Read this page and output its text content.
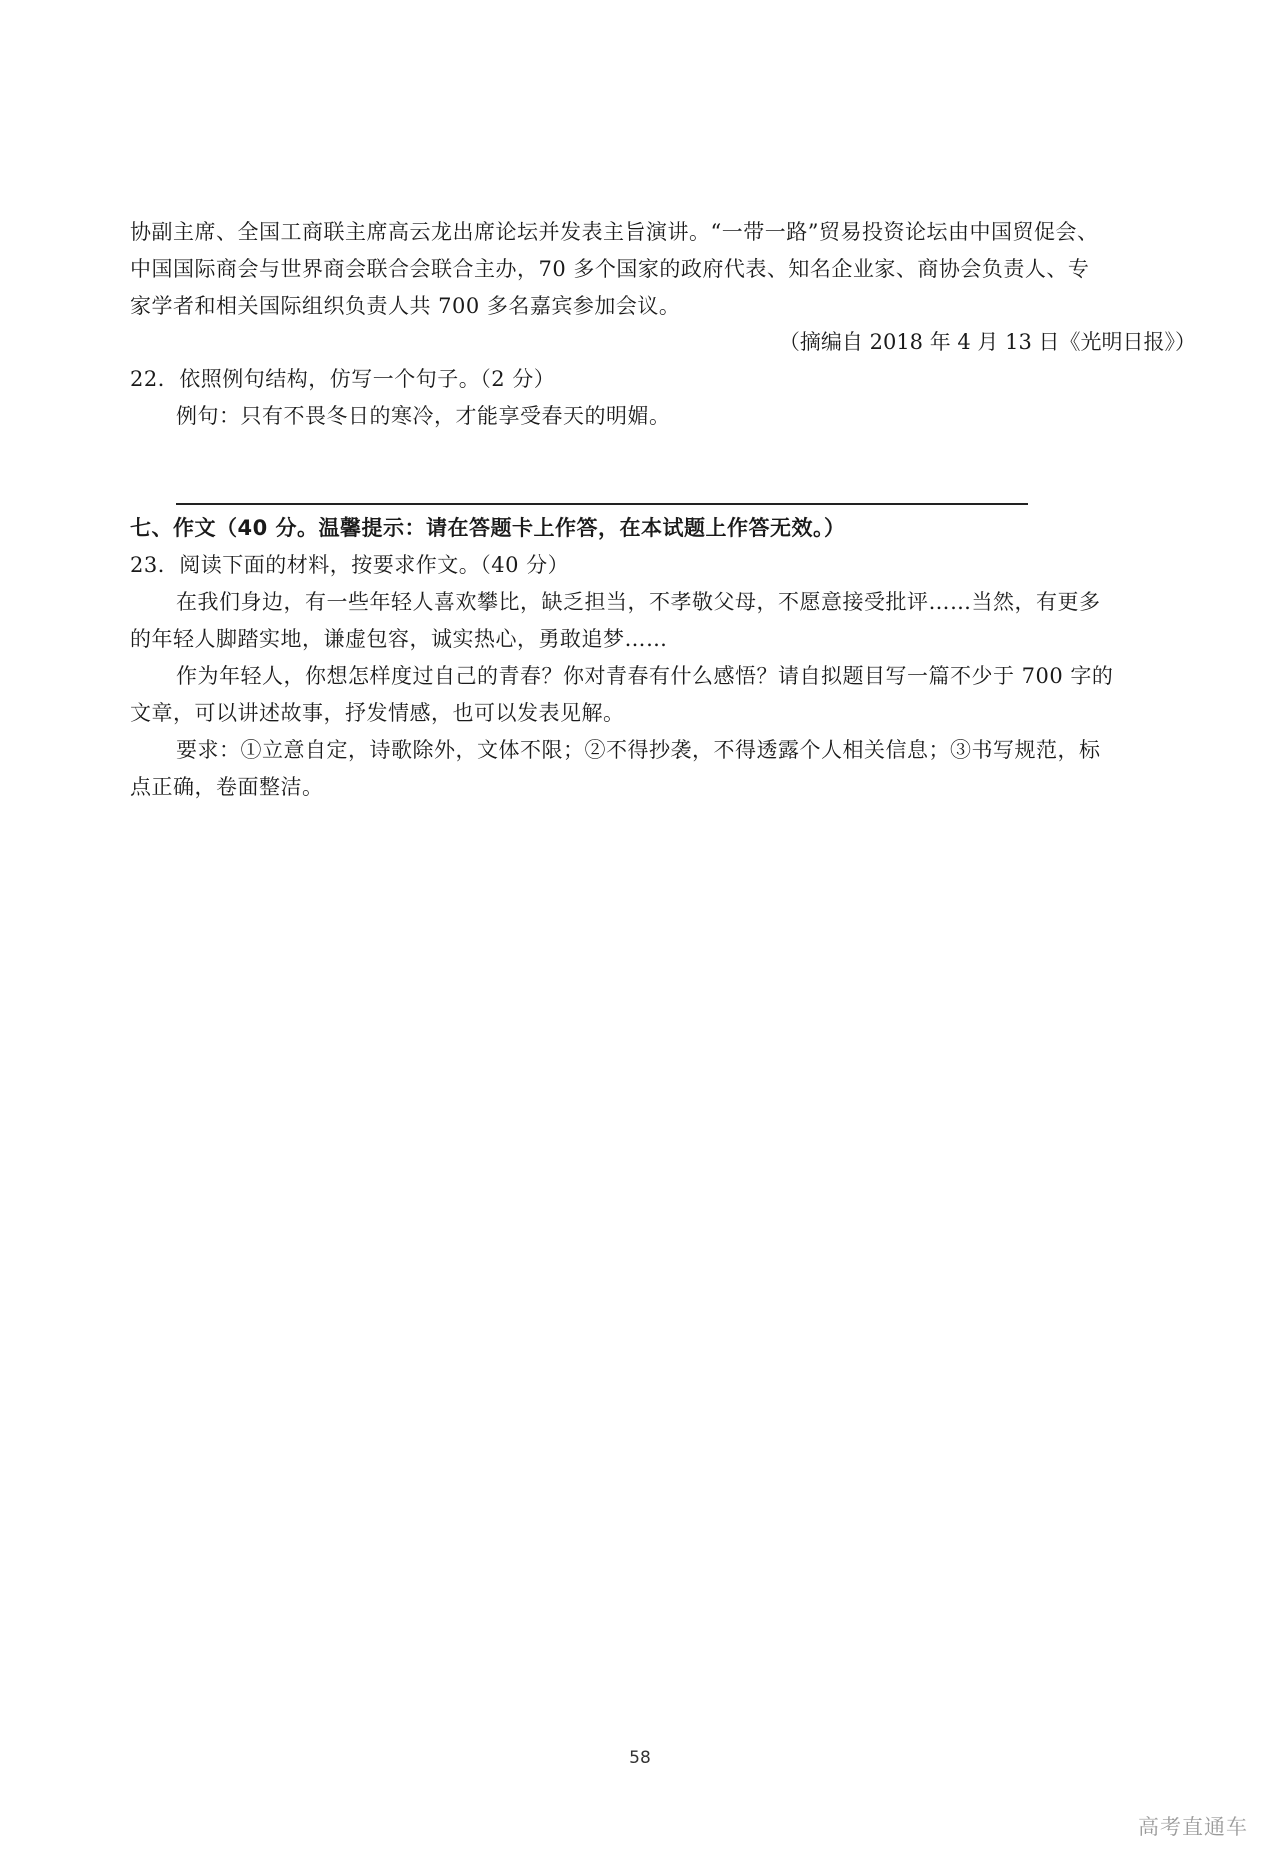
协副主席、全国工商联主席高云龙出席论坛并发表主旨演讲。“一带一路”贸易投资论坛由中国贸促会、
中国国际商会与世界商会联合会联合主办，70 多个国家的政府代表、知名企业家、商协会负责人、专
家学者和相关国际组织负责人共 700 多名嘉宾参加会议。
（摘编自 2018 年 4 月 13 日《光明日报》）
22．依照例句结构，仿写一个句子。（2 分）
例句：只有不畏冬日的寒冷，才能享受春天的明媚。
七、作文（40 分。温馨提示：请在答题卡上作答，在本试题上作答无效。）
23．阅读下面的材料，按要求作文。（40 分）
在我们身边，有一些年轻人喜欢攀比，缺乏担当，不孝敬父母，不愿意接受批评……当然，有更多
的年轻人脚踏实地，谦虚包容，诚实热心，勇敢追梦……
作为年轻人，你想怎样度过自己的青春？你对青春有什么感悟？请自拟题目写一篇不少于 700 字的
文章，可以讲述故事，抒发情感，也可以发表见解。
要求：①立意自定，诗歌除外，文体不限；②不得抄袭，不得透露个人相关信息；③书写规范，标
点正确，卷面整洁。
58
高考直通车
